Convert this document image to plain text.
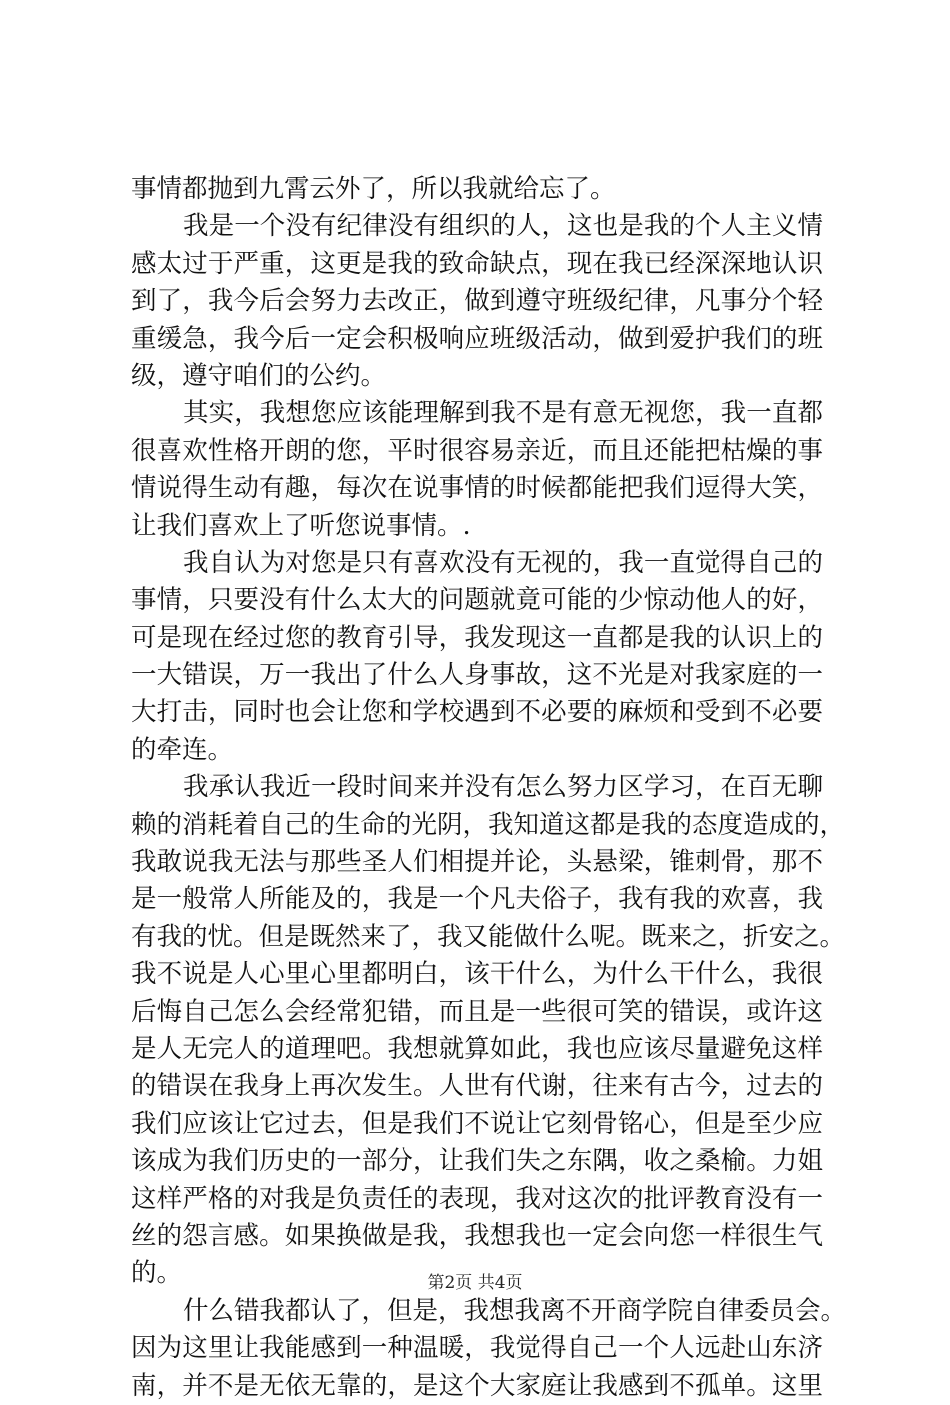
事情都抛到九霄云外了，所以我就给忘了。
我是一个没有纪律没有组织的人，这也是我的个人主义情
感太过于严重，这更是我的致命缺点，现在我已经深深地认识
到了，我今后会努力去改正，做到遵守班级纪律，凡事分个轻
重缓急，我今后一定会积极响应班级活动，做到爱护我们的班
级，遵守咱们的公约。
其实，我想您应该能理解到我不是有意无视您，我一直都
很喜欢性格开朗的您，平时很容易亲近，而且还能把枯燥的事
情说得生动有趣，每次在说事情的时候都能把我们逗得大笑，
让我们喜欢上了听您说事情。.
我自认为对您是只有喜欢没有无视的，我一直觉得自己的
事情，只要没有什么太大的问题就竟可能的少惊动他人的好，
可是现在经过您的教育引导，我发现这一直都是我的认识上的
一大错误，万一我出了什么人身事故，这不光是对我家庭的一
大打击，同时也会让您和学校遇到不必要的麻烦和受到不必要
的牵连。
我承认我近一段时间来并没有怎么努力区学习，在百无聊
赖的消耗着自己的生命的光阴，我知道这都是我的态度造成的，
我敢说我无法与那些圣人们相提并论，头悬梁，锥刺骨，那不
是一般常人所能及的，我是一个凡夫俗子，我有我的欢喜，我
有我的忧。但是既然来了，我又能做什么呢。既来之，折安之。
我不说是人心里心里都明白，该干什么，为什么干什么，我很
后悔自己怎么会经常犯错，而且是一些很可笑的错误，或许这
是人无完人的道理吧。我想就算如此，我也应该尽量避免这样
的错误在我身上再次发生。人世有代谢，往来有古今，过去的
我们应该让它过去，但是我们不说让它刻骨铭心，但是至少应
该成为我们历史的一部分，让我们失之东隅，收之桑榆。力姐
这样严格的对我是负责任的表现，我对这次的批评教育没有一
丝的怨言感。如果换做是我，我想我也一定会向您一样很生气
的。
什么错我都认了，但是，我想我离不开商学院自律委员会。
因为这里让我能感到一种温暖，我觉得自己一个人远赴山东济
南，并不是无依无靠的，是这个大家庭让我感到不孤单。这里
第2页 共4页
